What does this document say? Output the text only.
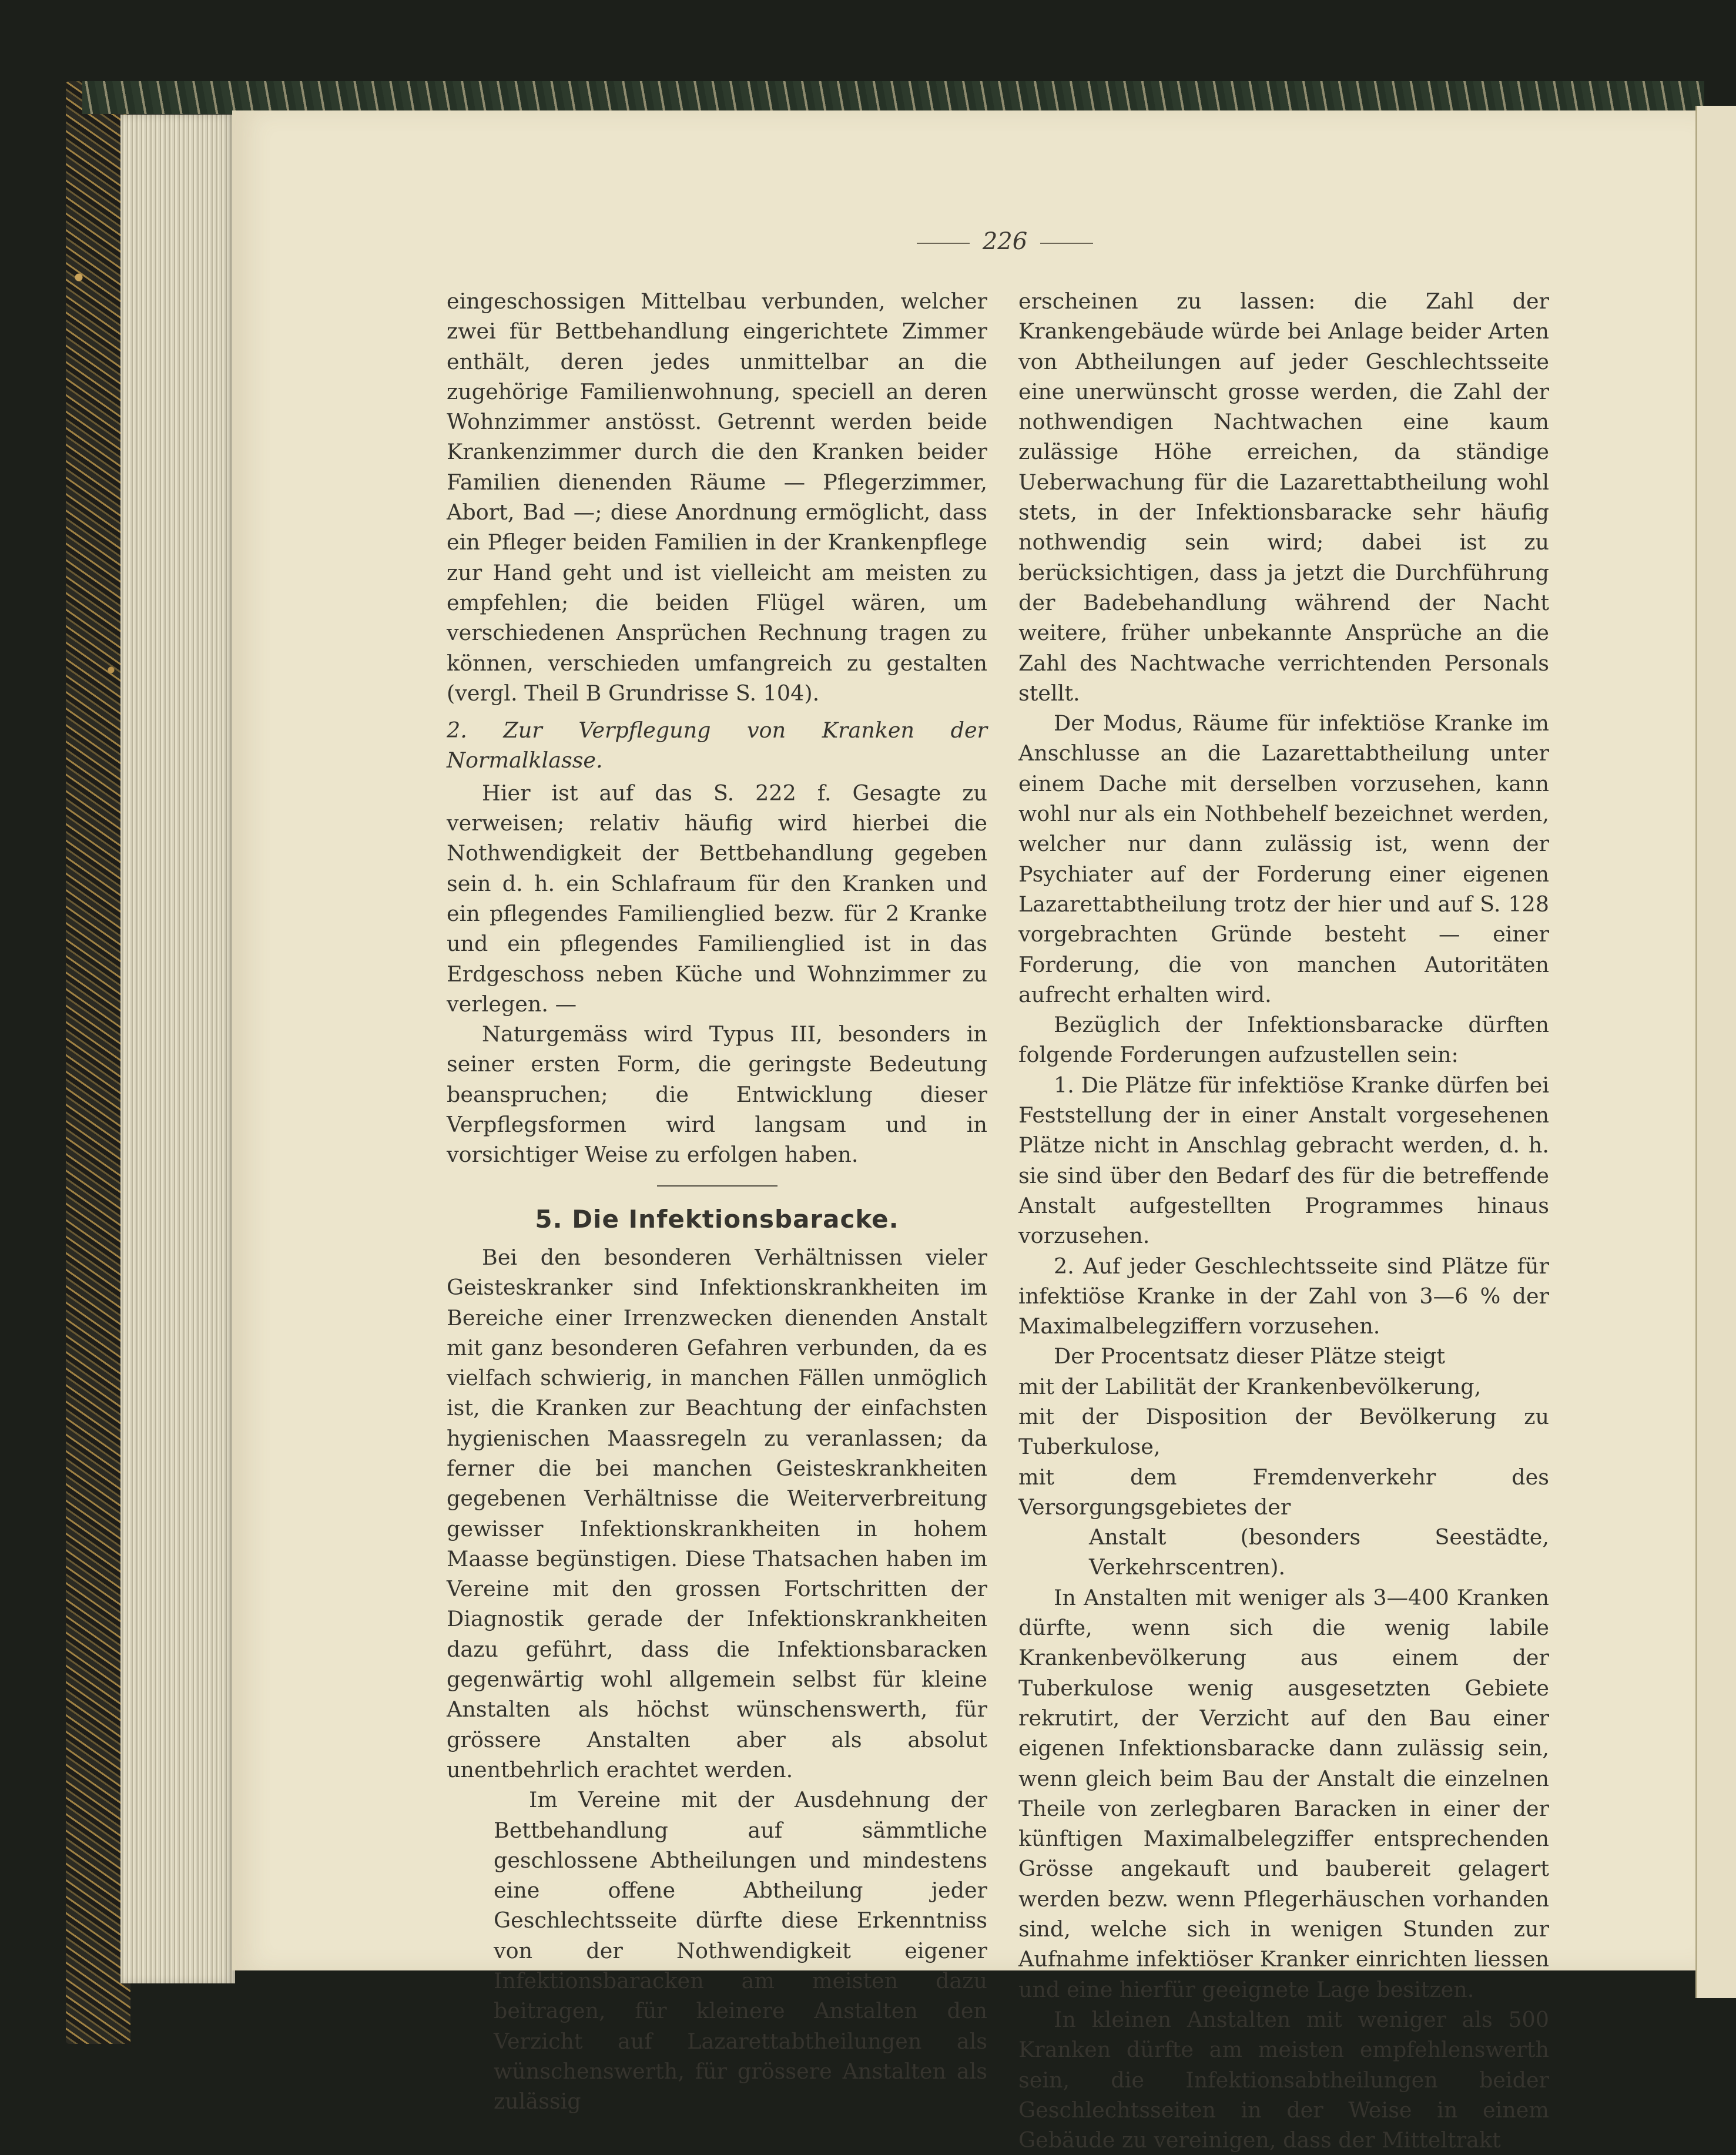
226

eingeschossigen Mittelbau verbunden, welcher zwei für Bettbehandlung eingerichtete Zimmer enthält, deren jedes unmittelbar an die zugehörige Familienwohnung, speciell an deren Wohnzimmer anstösst. Getrennt werden beide Krankenzimmer durch die den Kranken beider Familien dienenden Räume — Pflegerzimmer, Abort, Bad —; diese Anordnung ermöglicht, dass ein Pfleger beiden Familien in der Krankenpflege zur Hand geht und ist vielleicht am meisten zu empfehlen; die beiden Flügel wären, um verschiedenen Ansprüchen Rechnung tragen zu können, verschieden umfangreich zu gestalten (vergl. Theil B Grundrisse S. 104).

2. Zur Verpflegung von Kranken der Normalklasse.

Hier ist auf das S. 222 f. Gesagte zu verweisen; relativ häufig wird hierbei die Nothwendigkeit der Bettbehandlung gegeben sein d. h. ein Schlafraum für den Kranken und ein pflegendes Familienglied bezw. für 2 Kranke und ein pflegendes Familienglied ist in das Erdgeschoss neben Küche und Wohnzimmer zu verlegen. —

Naturgemäss wird Typus III, besonders in seiner ersten Form, die geringste Bedeutung beanspruchen; die Entwicklung dieser Verpflegsformen wird langsam und in vorsichtiger Weise zu erfolgen haben.

5. Die Infektionsbaracke.

Bei den besonderen Verhältnissen vieler Geisteskranker sind Infektionskrankheiten im Bereiche einer Irrenzwecken dienenden Anstalt mit ganz besonderen Gefahren verbunden, da es vielfach schwierig, in manchen Fällen unmöglich ist, die Kranken zur Beachtung der einfachsten hygienischen Maassregeln zu veranlassen; da ferner die bei manchen Geisteskrankheiten gegebenen Verhältnisse die Weiterverbreitung gewisser Infektionskrankheiten in hohem Maasse begünstigen. Diese Thatsachen haben im Vereine mit den grossen Fortschritten der Diagnostik gerade der Infektionskrankheiten dazu geführt, dass die Infektionsbaracken gegenwärtig wohl allgemein selbst für kleine Anstalten als höchst wünschenswerth, für grössere Anstalten aber als absolut unentbehrlich erachtet werden.

Im Vereine mit der Ausdehnung der Bettbehandlung auf sämmtliche geschlossene Abtheilungen und mindestens eine offene Abtheilung jeder Geschlechtsseite dürfte diese Erkenntniss von der Nothwendigkeit eigener Infektionsbaracken am meisten dazu beitragen, für kleinere Anstalten den Verzicht auf Lazarettabtheilungen als wünschenswerth, für grössere Anstalten als zulässig

erscheinen zu lassen: die Zahl der Krankengebäude würde bei Anlage beider Arten von Abtheilungen auf jeder Geschlechtsseite eine unerwünscht grosse werden, die Zahl der nothwendigen Nachtwachen eine kaum zulässige Höhe erreichen, da ständige Ueberwachung für die Lazarettabtheilung wohl stets, in der Infektionsbaracke sehr häufig nothwendig sein wird; dabei ist zu berücksichtigen, dass ja jetzt die Durchführung der Badebehandlung während der Nacht weitere, früher unbekannte Ansprüche an die Zahl des Nachtwache verrichtenden Personals stellt.

Der Modus, Räume für infektiöse Kranke im Anschlusse an die Lazarettabtheilung unter einem Dache mit derselben vorzusehen, kann wohl nur als ein Nothbehelf bezeichnet werden, welcher nur dann zulässig ist, wenn der Psychiater auf der Forderung einer eigenen Lazarettabtheilung trotz der hier und auf S. 128 vorgebrachten Gründe besteht — einer Forderung, die von manchen Autoritäten aufrecht erhalten wird.

Bezüglich der Infektionsbaracke dürften folgende Forderungen aufzustellen sein:

1. Die Plätze für infektiöse Kranke dürfen bei Feststellung der in einer Anstalt vorgesehenen Plätze nicht in Anschlag gebracht werden, d. h. sie sind über den Bedarf des für die betreffende Anstalt aufgestellten Programmes hinaus vorzusehen.

2. Auf jeder Geschlechtsseite sind Plätze für infektiöse Kranke in der Zahl von 3—6 % der Maximalbelegziffern vorzusehen.

Der Procentsatz dieser Plätze steigt

mit der Labilität der Krankenbevölkerung,

mit der Disposition der Bevölkerung zu Tuberkulose,

mit dem Fremdenverkehr des Versorgungsgebietes der

Anstalt (besonders Seestädte, Verkehrscentren).

In Anstalten mit weniger als 3—400 Kranken dürfte, wenn sich die wenig labile Krankenbevölkerung aus einem der Tuberkulose wenig ausgesetzten Gebiete rekrutirt, der Verzicht auf den Bau einer eigenen Infektionsbaracke dann zulässig sein, wenn gleich beim Bau der Anstalt die einzelnen Theile von zerlegbaren Baracken in einer der künftigen Maximalbelegziffer entsprechenden Grösse angekauft und baubereit gelagert werden bezw. wenn Pflegerhäuschen vorhanden sind, welche sich in wenigen Stunden zur Aufnahme infektiöser Kranker einrichten liessen und eine hierfür geeignete Lage besitzen.

In kleinen Anstalten mit weniger als 500 Kranken dürfte am meisten empfehlenswerth sein, die Infektionsabtheilungen beider Geschlechtsseiten in der Weise in einem Gebäude zu vereinigen, dass der Mitteltrakt
